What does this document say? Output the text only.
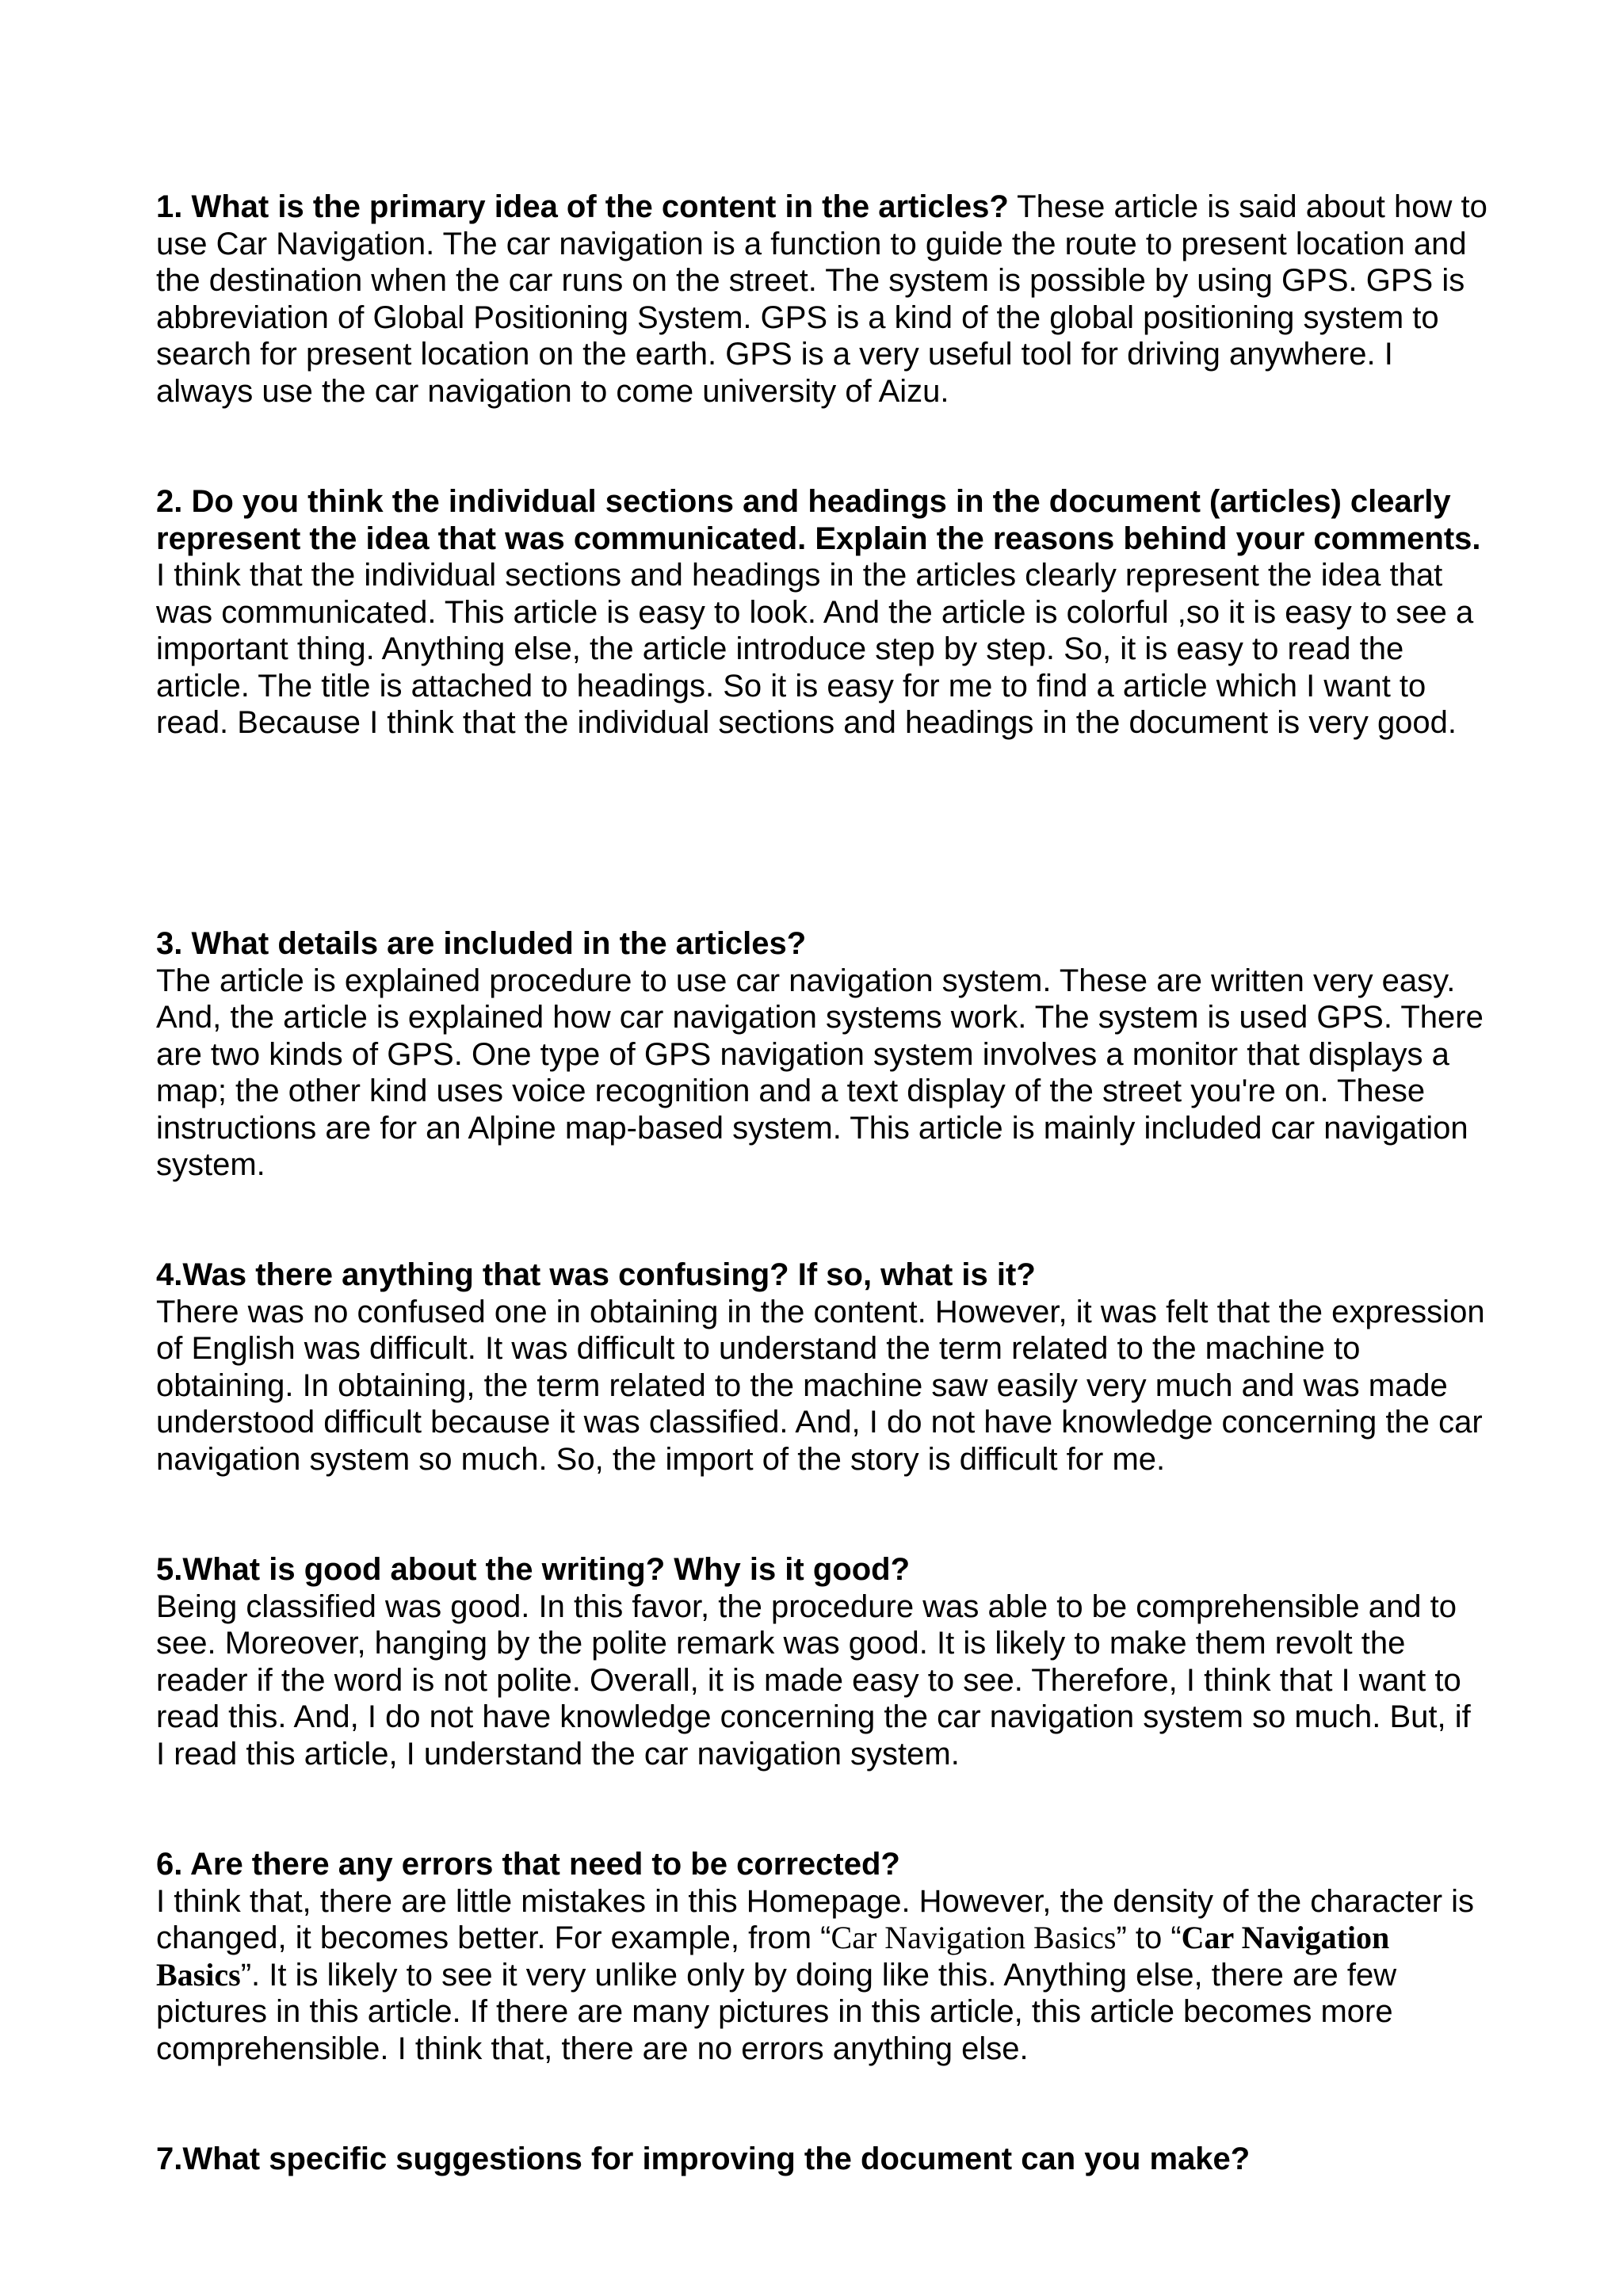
1. What is the primary idea of the content in the articles? These article is said about how to use Car Navigation. The car navigation is a function to guide the route to present location and the destination when the car runs on the street. The system is possible by using GPS. GPS is abbreviation of Global Positioning System. GPS is a kind of the global positioning system to search for present location on the earth. GPS is a very useful tool for driving anywhere. I always use the car navigation to come university of Aizu.

2. Do you think the individual sections and headings in the document (articles) clearly represent the idea that was communicated. Explain the reasons behind your comments.

I think that the individual sections and headings in the articles clearly represent the idea that was communicated. This article is easy to look. And the article is colorful ,so it is easy to see a important thing. Anything else, the article introduce step by step. So, it is easy to read the article. The title is attached to headings. So it is easy for me to find a article which I want to read. Because I think that the individual sections and headings in the document is very good.

3. What details are included in the articles?

The article is explained procedure to use car navigation system. These are written very easy. And, the article is explained how car navigation systems work. The system is used GPS. There are two kinds of GPS. One type of GPS navigation system involves a monitor that displays a map; the other kind uses voice recognition and a text display of the street you're on. These instructions are for an Alpine map-based system. This article is mainly included car navigation system.

4.Was there anything that was confusing? If so, what is it?

There was no confused one in obtaining in the content. However, it was felt that the expression of English was difficult. It was difficult to understand the term related to the machine to obtaining. In obtaining, the term related to the machine saw easily very much and was made understood difficult because it was classified. And, I do not have knowledge concerning the car navigation system so much. So, the import of the story is difficult for me.

5.What is good about the writing? Why is it good?

Being classified was good. In this favor, the procedure was able to be comprehensible and to see. Moreover, hanging by the polite remark was good. It is likely to make them revolt the reader if the word is not polite. Overall, it is made easy to see. Therefore, I think that I want to read this. And, I do not have knowledge concerning the car navigation system so much. But, if I read this article, I understand the car navigation system.

6. Are there any errors that need to be corrected?

I think that, there are little mistakes in this Homepage. However, the density of the character is changed, it becomes better. For example, from “Car Navigation Basics” to “Car Navigation Basics”. It is likely to see it very unlike only by doing like this. Anything else, there are few pictures in this article. If there are many pictures in this article, this article becomes more comprehensible. I think that, there are no errors anything else.

7.What specific suggestions for improving the document can you make?
